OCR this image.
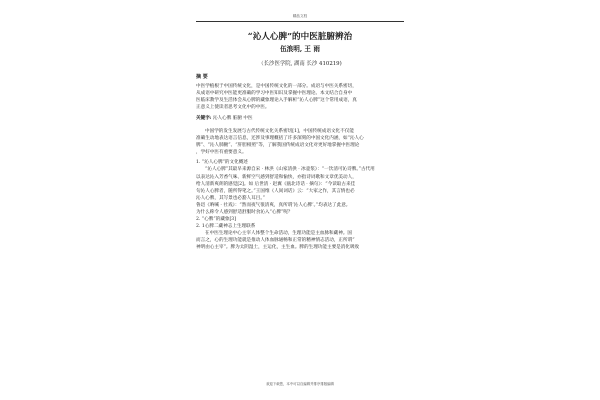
精品文档
“沁人心脾”的中医脏腑辨治
伍浪明, 王 雨
（长沙医学院, 湖南 长沙 410219)
摘 要
中医学植根于中国传统文化，是中国传统文化的一部分。成语与中医关系密切，
从成语中研究中医能更准确的学习中医知识及掌握中医理论。本文结合自身中
医临床教学及生活体会从心脾的藏象理论入手解析“沁人心脾”这个常用成语，真
正意义上使读者思考文化中的中医。
关键字: 沁人心脾 脏腑 中医
中国学的发生发展与古代传统文化关系密切[1]，中国传统成语文化不仅能
准确生动地表达语言信息，还涉及事理概括了许多深刻的中国文化内涵，如“沁人心
脾”、“沁人肺腑”、“肝胆相照”等，了解我国传统成语文化对更好地掌握中医理论
，学好中医有重要意义。
1. “沁人心脾”的文化概述
“沁人心脾”其最早来源自宋 · 林洪《山家清供 · 冰壶浆》：“一饮清可沁诗脾。”古代用
以表达沁入芳香气味、新鲜空气感到舒适和愉快，亦指诗词歌和文章优美动人，
给人清新爽朗的感觉[2]。如 后世清 · 赵翼《瓯北诗话 · 摘句》：“今读取古来佳
句沁人心脾者，随所得笔之。”王国维《人间词话》云：“大家之作，其言情也必
沁人心脾，其写景也必豁人耳目。”
鲁迅《呐喊 · 社戏》：“然而夜气很清爽，真所谓‘沁人心脾’。”均表达了此意。
为什么称令人感到舒适舒服时食沁入“心脾”呢？
2. “心脾”的藏象[3]
2. 1心脾二藏神志上生理联系
在中医生理论中心主宰人体整个生命活动，生理功能是主血脉和藏神。国
而言之，心的生理功能就是推动人体血脉通畅和正常的精神情志活动，正所谓“
神明由心主宰”。脾为太阴湿土，主运化，主生血。脾的生理功能主要是消化吸收
欢迎下载您，本中可以自编辑并排序排版编辑
